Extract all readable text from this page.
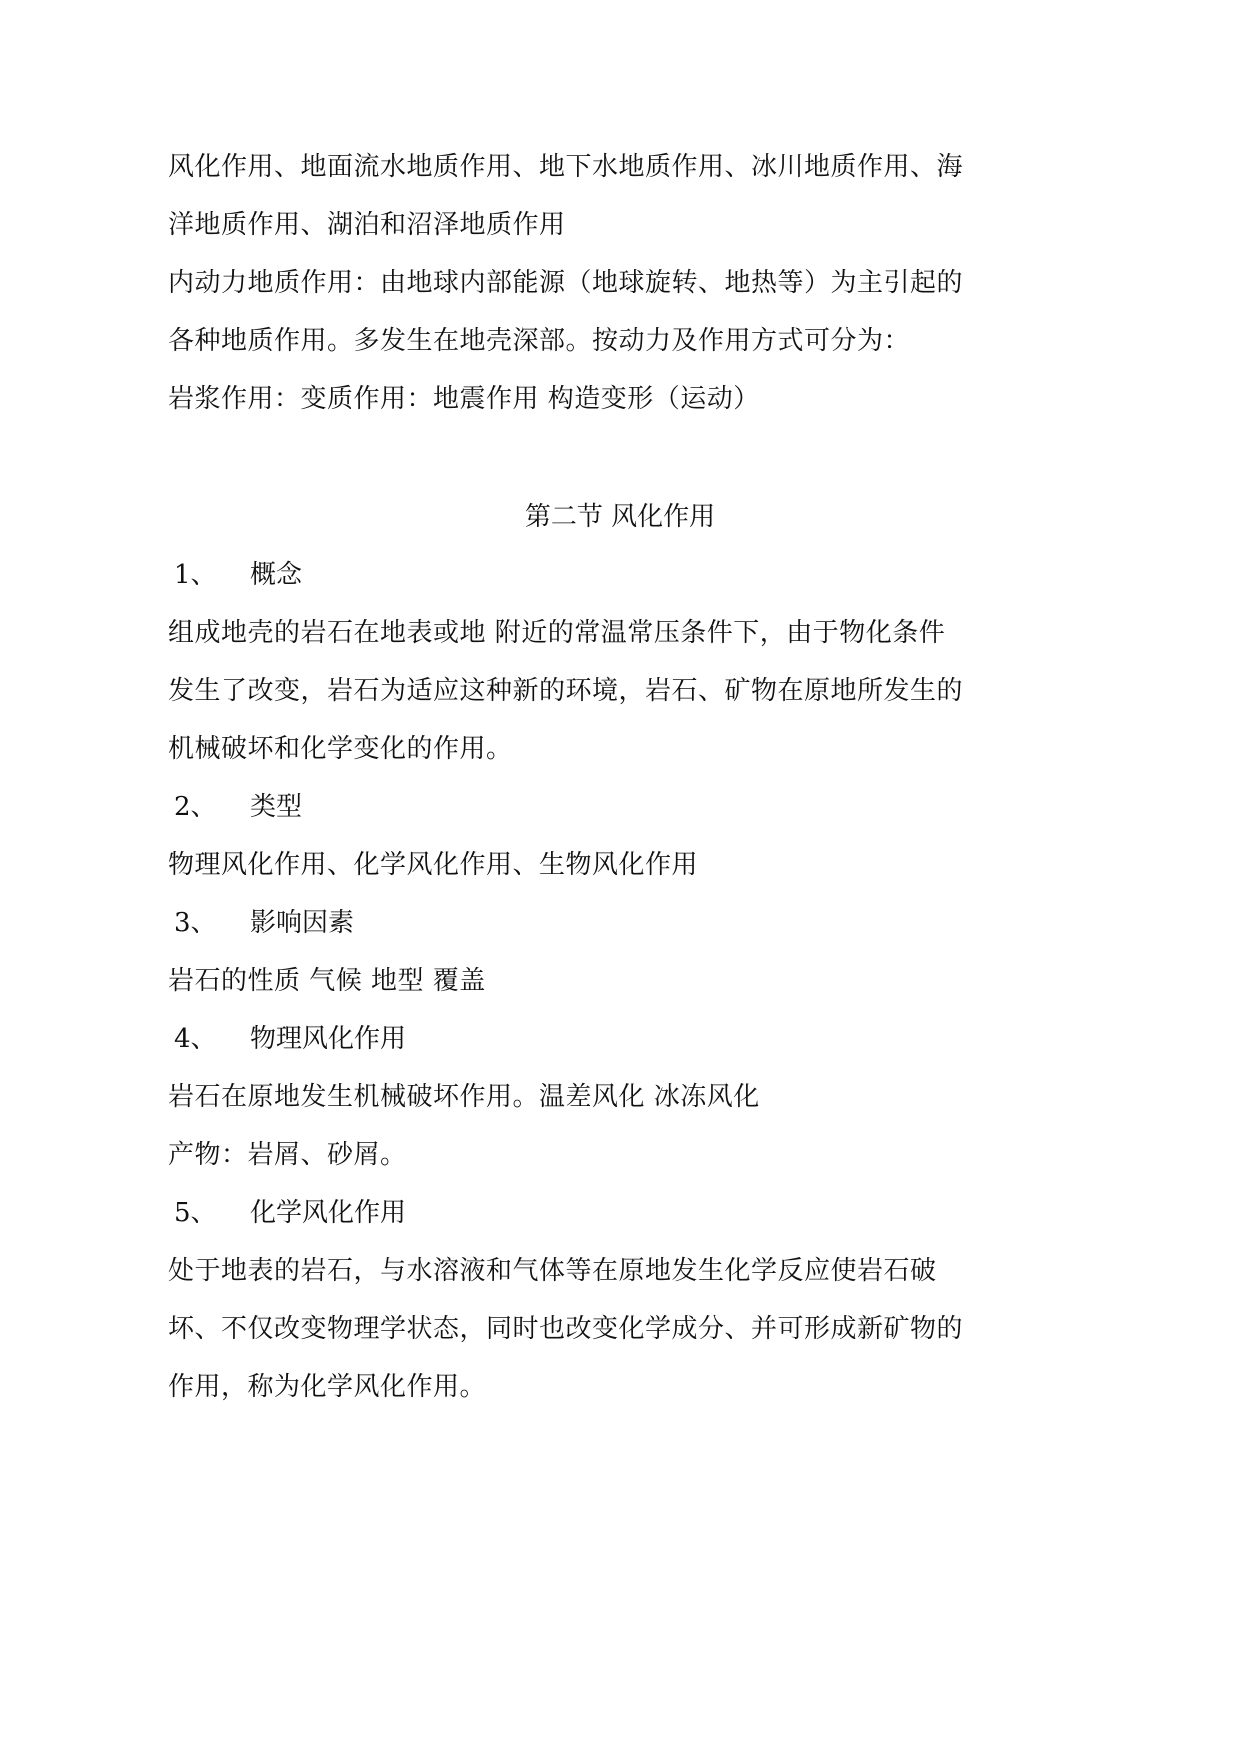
风化作用、地面流水地质作用、地下水地质作用、冰川地质作用、海
洋地质作用、湖泊和沼泽地质作用
内动力地质作用：由地球内部能源（地球旋转、地热等）为主引起的
各种地质作用。多发生在地壳深部。按动力及作用方式可分为：
岩浆作用：变质作用：地震作用 构造变形（运动）
第二节 风化作用
1、 概念
组成地壳的岩石在地表或地 附近的常温常压条件下，由于物化条件
发生了改变，岩石为适应这种新的环境，岩石、矿物在原地所发生的
机械破坏和化学变化的作用。
2、 类型
物理风化作用、化学风化作用、生物风化作用
3、 影响因素
岩石的性质 气候 地型 覆盖
4、 物理风化作用
岩石在原地发生机械破坏作用。温差风化 冰冻风化
产物：岩屑、砂屑。
5、 化学风化作用
处于地表的岩石，与水溶液和气体等在原地发生化学反应使岩石破
坏、不仅改变物理学状态，同时也改变化学成分、并可形成新矿物的
作用，称为化学风化作用。
